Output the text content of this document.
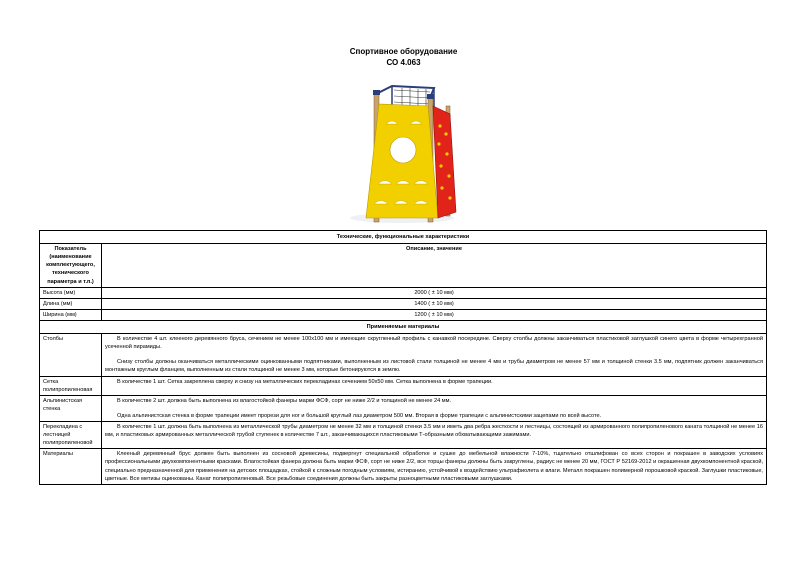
Спортивное оборудование
СО 4.063
Технические, функциональные характеристики	
Показатель (наименование комплектующего, технического параметра и т.п.)	Описание, значение
Высота (мм)	2000 ( ± 10 мм)
Длина (мм)	1400 ( ± 10 мм)
Ширина (мм)	1200 ( ± 10 мм)
Применяемые материалы	
Столбы	В количестве 4 шт. клееного деревянного бруса, сечением не менее 100х100 мм и имеющие скругленный профиль с канавкой посередине. Сверху столбы должны заканчиваться пластиковой заглушкой синего цвета в форме четырехгранной усеченной пирамиды.

Снизу столбы должны оканчиваться металлическими оцинкованными подпятниками, выполненным из листовой стали толщиной не менее 4 мм и трубы диаметром не менее 57 мм и толщиной стенки 3.5 мм, подпятник должен заканчиваться монтажным круглым фланцем, выполненным из стали толщиной не менее 3 мм, которые бетонируются в землю.

Сетка полипропиленовая	В количестве 1 шт. Сетка закреплена сверху и снизу на металлических перекладинах сечением 50х50 мм. Сетка выполнена в форме трапеции.

Альпинистская стенка	В количестве 2 шт. должна быть выполнена из влагостойкой фанеры марки ФСФ, сорт не ниже 2/2 и толщиной не менее 24 мм.

Одна альпинистская стенка в форме трапеции имеет прорези для ног и большой круглый лаз диаметром 500 мм. Вторая в форме трапеции с альпинистскими зацепами по всей высоте.

Перекладина с лестницей полипропиленовой	В количестве 1 шт. должна быть выполнена из металлической трубы диаметром не менее 32 мм и толщиной стенки 3.5 мм и иметь два ребра жесткости и лестницы, состоящей из армированного полипропиленового каната толщиной не менее 16 мм, и пластиковых армированных металлической трубой ступенек в количестве 7 шт., заканчивающихся пластиковыми Т-образными обхватывающими зажимами.

Материалы	Клееный деревянный брус должен быть выполнен из сосновой древесины, подвергнут специальной обработке и сушке до мебельной влажности 7-10%, тщательно отшлифован со всех сторон и покрашен в заводских условиях профессиональными двухкомпонентными красками. Влагостойкая фанера должна быть марки ФСФ, сорт не ниже 2/2, все торцы фанеры должны быть закруглены, радиус не менее 20 мм, ГОСТ Р 52169-2012 и окрашенная двухкомпонентной краской, специально предназначенной для применения на детских площадках, стойкой к сложным погодным условиям, истиранию, устойчивой к воздействию ультрафиолета и влаги. Металл покрашен полимерной порошковой краской. Заглушки пластиковые, цветные. Все метизы оцинкованы. Канат полипропиленовый. Все резьбовые соединения должны быть закрыты разноцветными пластиковыми заглушками.
